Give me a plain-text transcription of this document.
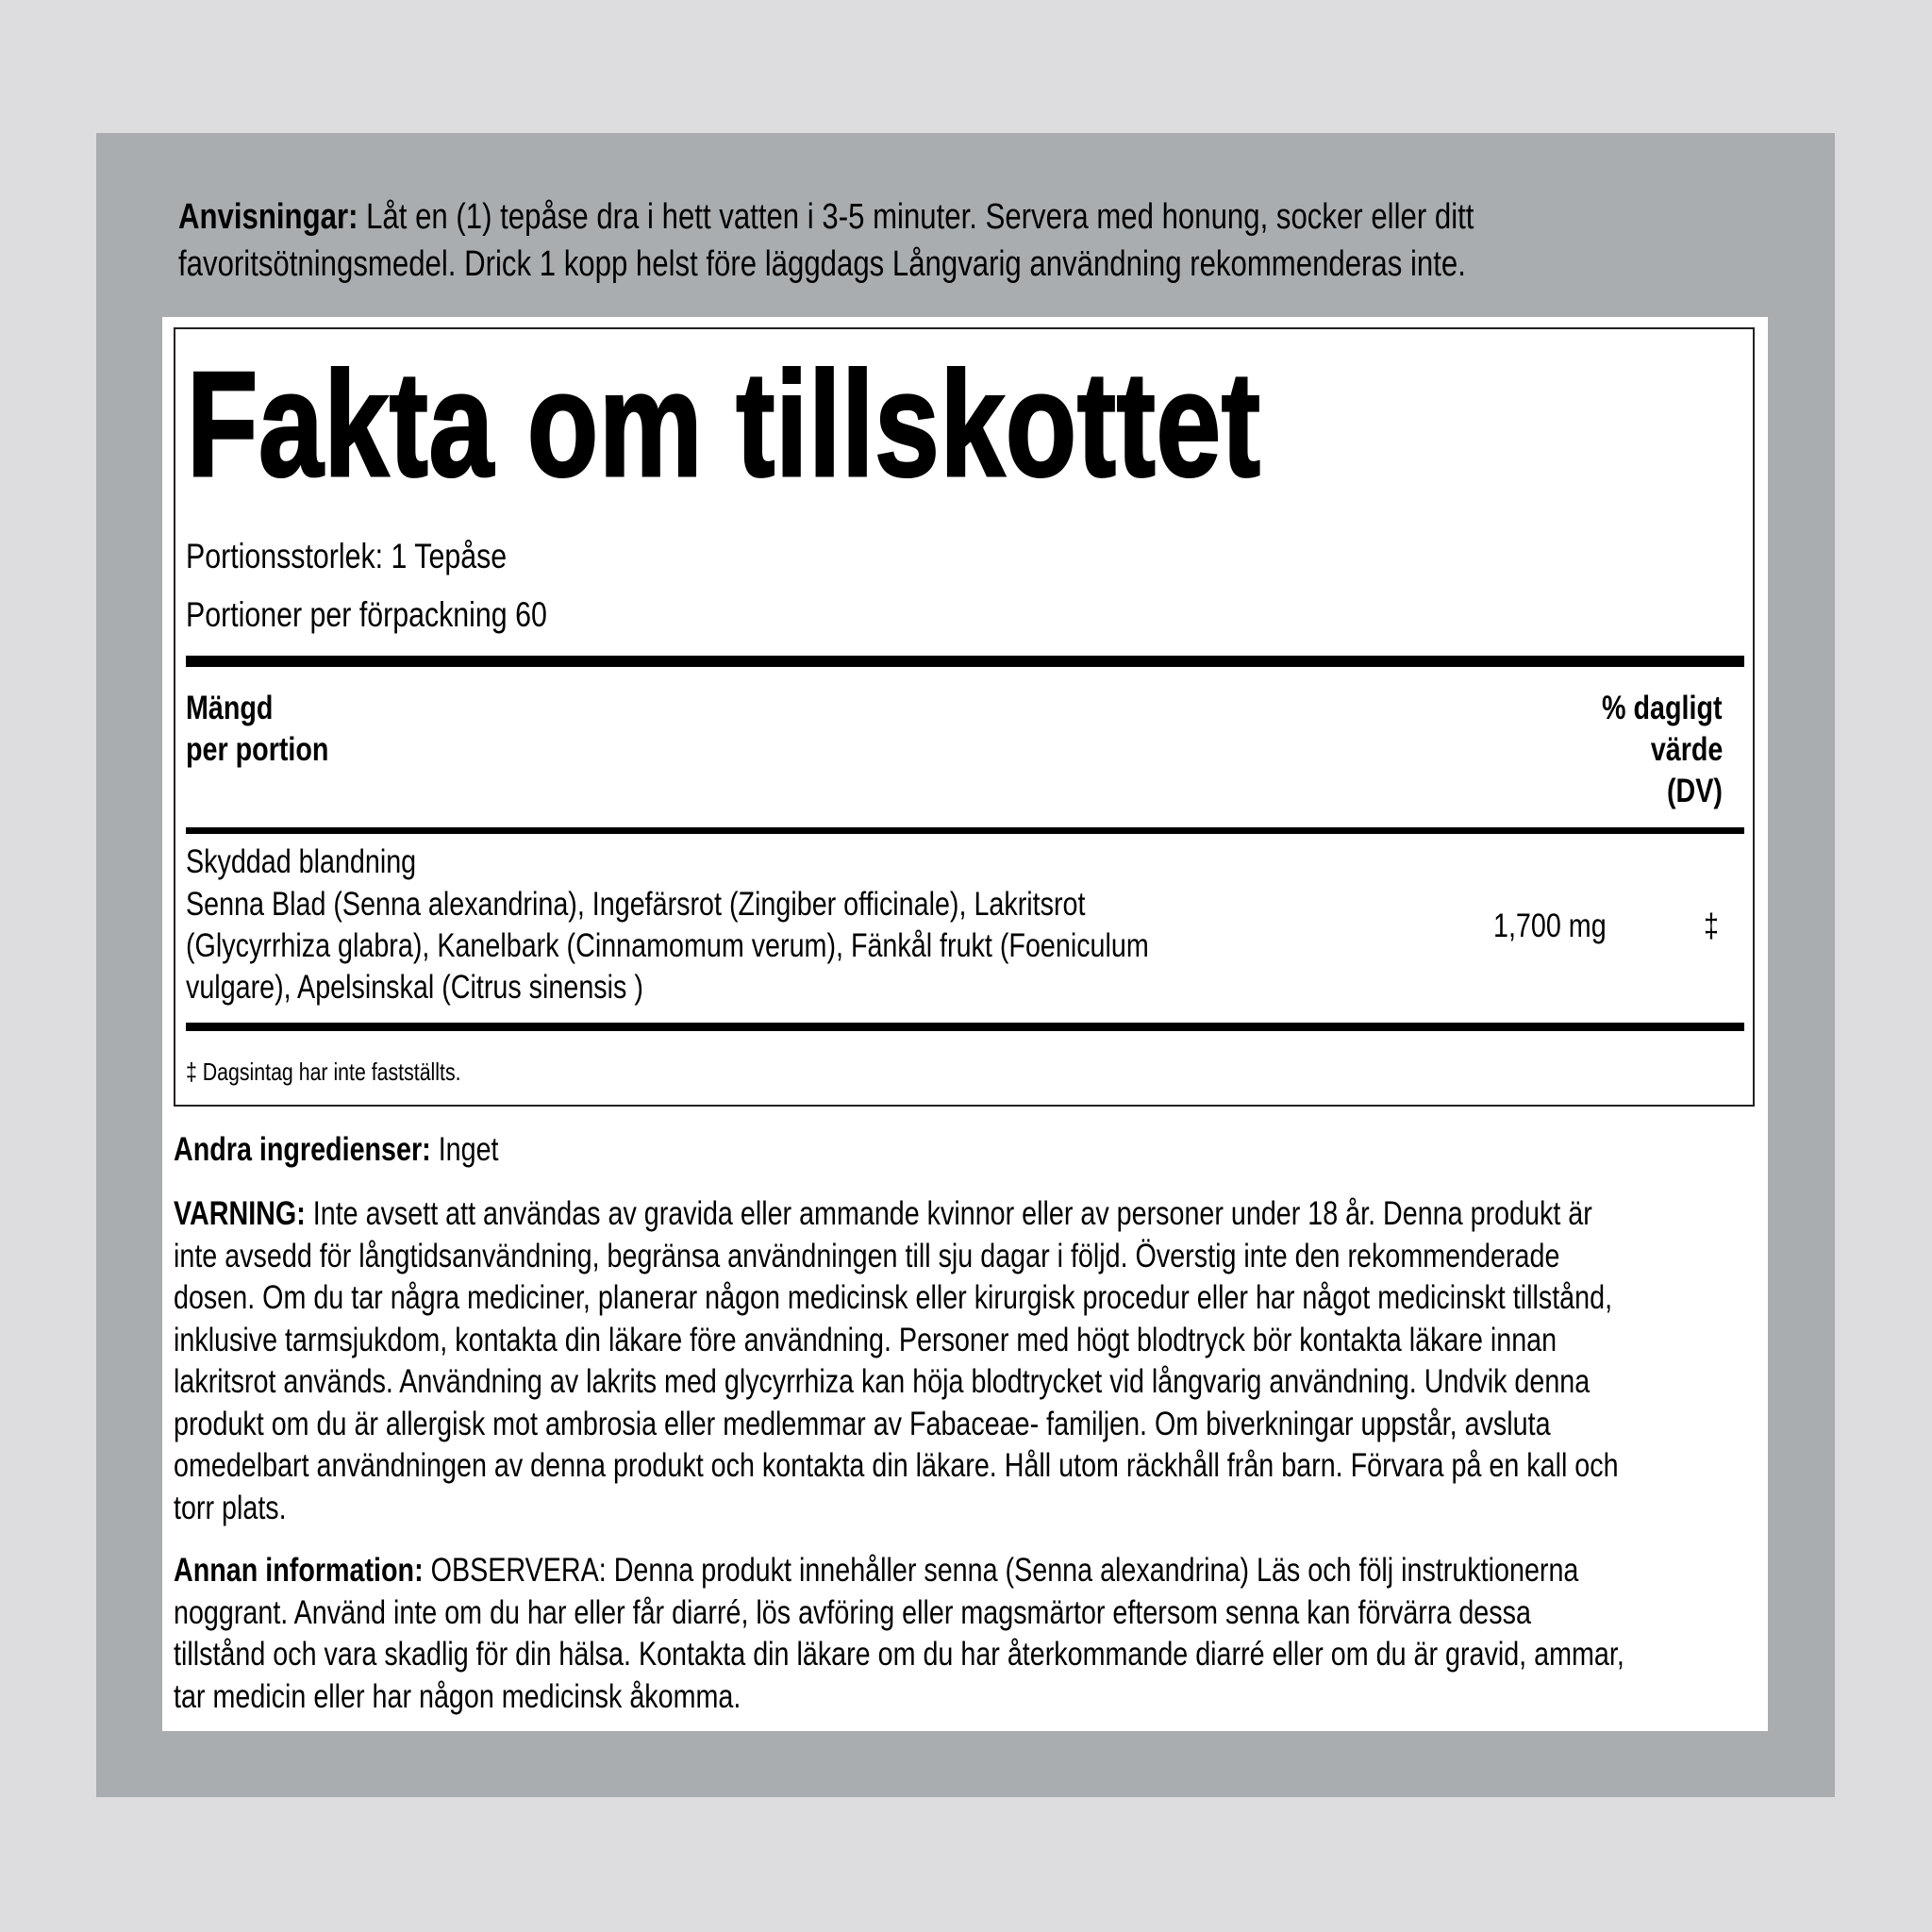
Anvisningar: Låt en (1) tepåse dra i hett vatten i 3-5 minuter. Servera med honung, socker eller ditt
favoritsötningsmedel. Drick 1 kopp helst före läggdags Långvarig användning rekommenderas inte.
Fakta om tillskottet
Portionsstorlek: 1 Tepåse
Portioner per förpackning 60
Mängd
per portion
% dagligt
värde
(DV)
Skyddad blandning
Senna Blad (Senna alexandrina), Ingefärsrot (Zingiber officinale), Lakritsrot
(Glycyrrhiza glabra), Kanelbark (Cinnamomum verum), Fänkål frukt (Foeniculum
vulgare), Apelsinskal (Citrus sinensis )
1,700 mg	‡
‡ Dagsintag har inte fastställts.
Andra ingredienser: Inget
VARNING: Inte avsett att användas av gravida eller ammande kvinnor eller av personer under 18 år. Denna produkt är
inte avsedd för långtidsanvändning, begränsa användningen till sju dagar i följd. Överstig inte den rekommenderade
dosen. Om du tar några mediciner, planerar någon medicinsk eller kirurgisk procedur eller har något medicinskt tillstånd,
inklusive tarmsjukdom, kontakta din läkare före användning. Personer med högt blodtryck bör kontakta läkare innan
lakritsrot används. Användning av lakrits med glycyrrhiza kan höja blodtrycket vid långvarig användning. Undvik denna
produkt om du är allergisk mot ambrosia eller medlemmar av Fabaceae- familjen. Om biverkningar uppstår, avsluta
omedelbart användningen av denna produkt och kontakta din läkare. Håll utom räckhåll från barn. Förvara på en kall och
torr plats.
Annan information: OBSERVERA: Denna produkt innehåller senna (Senna alexandrina) Läs och följ instruktionerna
noggrant. Använd inte om du har eller får diarré, lös avföring eller magsmärtor eftersom senna kan förvärra dessa
tillstånd och vara skadlig för din hälsa. Kontakta din läkare om du har återkommande diarré eller om du är gravid, ammar,
tar medicin eller har någon medicinsk åkomma.
